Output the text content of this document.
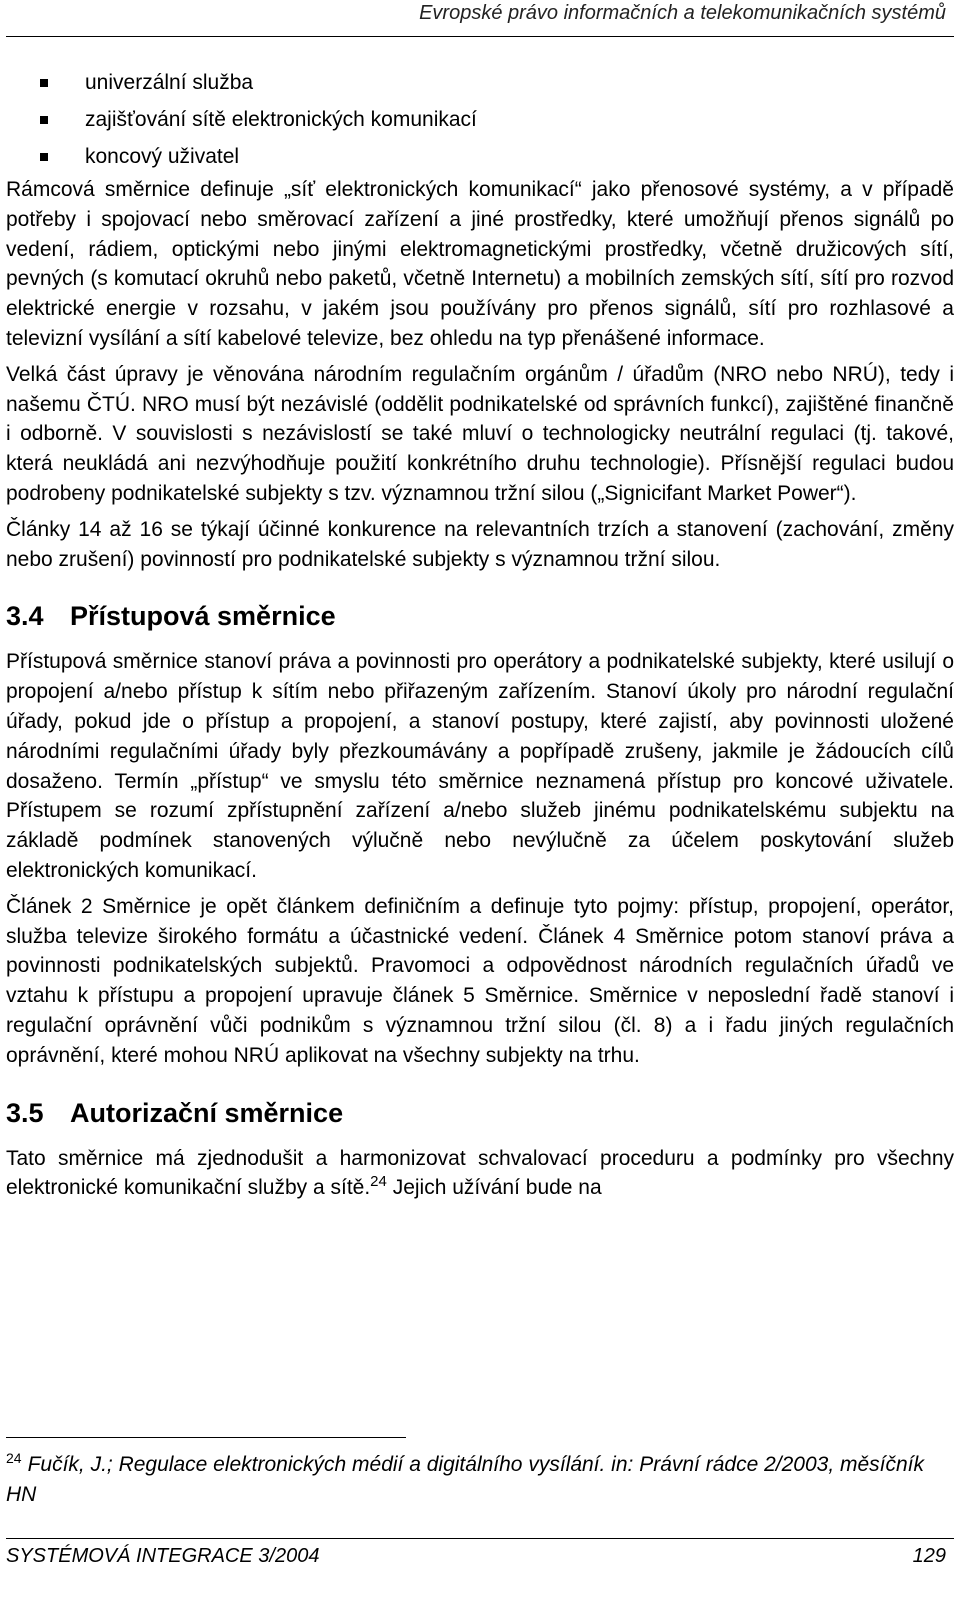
Evropské právo informačních a telekomunikačních systémů
univerzální služba
zajišťování sítě elektronických komunikací
koncový uživatel

Rámcová směrnice definuje „síť elektronických komunikací“ jako přenosové systémy, a v případě potřeby i spojovací nebo směrovací zařízení a jiné prostředky, které umožňují přenos signálů po vedení, rádiem, optickými nebo jinými elektromagnetickými prostředky, včetně družicových sítí, pevných (s komutací okruhů nebo paketů, včetně Internetu) a mobilních zemských sítí, sítí pro rozvod elektrické energie v rozsahu, v jakém jsou používány pro přenos signálů, sítí pro rozhlasové a televizní vysílání a sítí kabelové televize, bez ohledu na typ přenášené informace.

Velká část úpravy je věnována národním regulačním orgánům / úřadům (NRO nebo NRÚ), tedy i našemu ČTÚ. NRO musí být nezávislé (oddělit podnikatelské od správních funkcí), zajištěné finančně i odborně. V souvislosti s nezávislostí se také mluví o technologicky neutrální regulaci (tj. takové, která neukládá ani nezvýhodňuje použití konkrétního druhu technologie). Přísnější regulaci budou podrobeny podnikatelské subjekty s tzv. významnou tržní silou („Signicifant Market Power“).

Články 14 až 16 se týkají účinné konkurence na relevantních trzích a stanovení (zachování, změny nebo zrušení) povinností pro podnikatelské subjekty s významnou tržní silou.

3.4 Přístupová směrnice

Přístupová směrnice stanoví práva a povinnosti pro operátory a podnikatelské subjekty, které usilují o propojení a/nebo přístup k sítím nebo přiřazeným zařízením. Stanoví úkoly pro národní regulační úřady, pokud jde o přístup a propojení, a stanoví postupy, které zajistí, aby povinnosti uložené národními regulačními úřady byly přezkoumávány a popřípadě zrušeny, jakmile je žádoucích cílů dosaženo. Termín „přístup“ ve smyslu této směrnice neznamená přístup pro koncové uživatele. Přístupem se rozumí zpřístupnění zařízení a/nebo služeb jinému podnikatelskému subjektu na základě podmínek stanovených výlučně nebo nevýlučně za účelem poskytování služeb elektronických komunikací.

Článek 2 Směrnice je opět článkem definičním a definuje tyto pojmy: přístup, propojení, operátor, služba televize širokého formátu a účastnické vedení. Článek 4 Směrnice potom stanoví práva a povinnosti podnikatelských subjektů. Pravomoci a odpovědnost národních regulačních úřadů ve vztahu k přístupu a propojení upravuje článek 5 Směrnice. Směrnice v neposlední řadě stanoví i regulační oprávnění vůči podnikům s významnou tržní silou (čl. 8) a i řadu jiných regulačních oprávnění, které mohou NRÚ aplikovat na všechny subjekty na trhu.

3.5 Autorizační směrnice

Tato směrnice má zjednodušit a harmonizovat schvalovací proceduru a podmínky pro všechny elektronické komunikační služby a sítě.$^{24}$ Jejich užívání bude na

$^{24}$ Fučík, J.; Regulace elektronických médií a digitálního vysílání. in: Právní rádce 2/2003, měsíčník HN
SYSTÉMOVÁ INTEGRACE 3/2004	129
